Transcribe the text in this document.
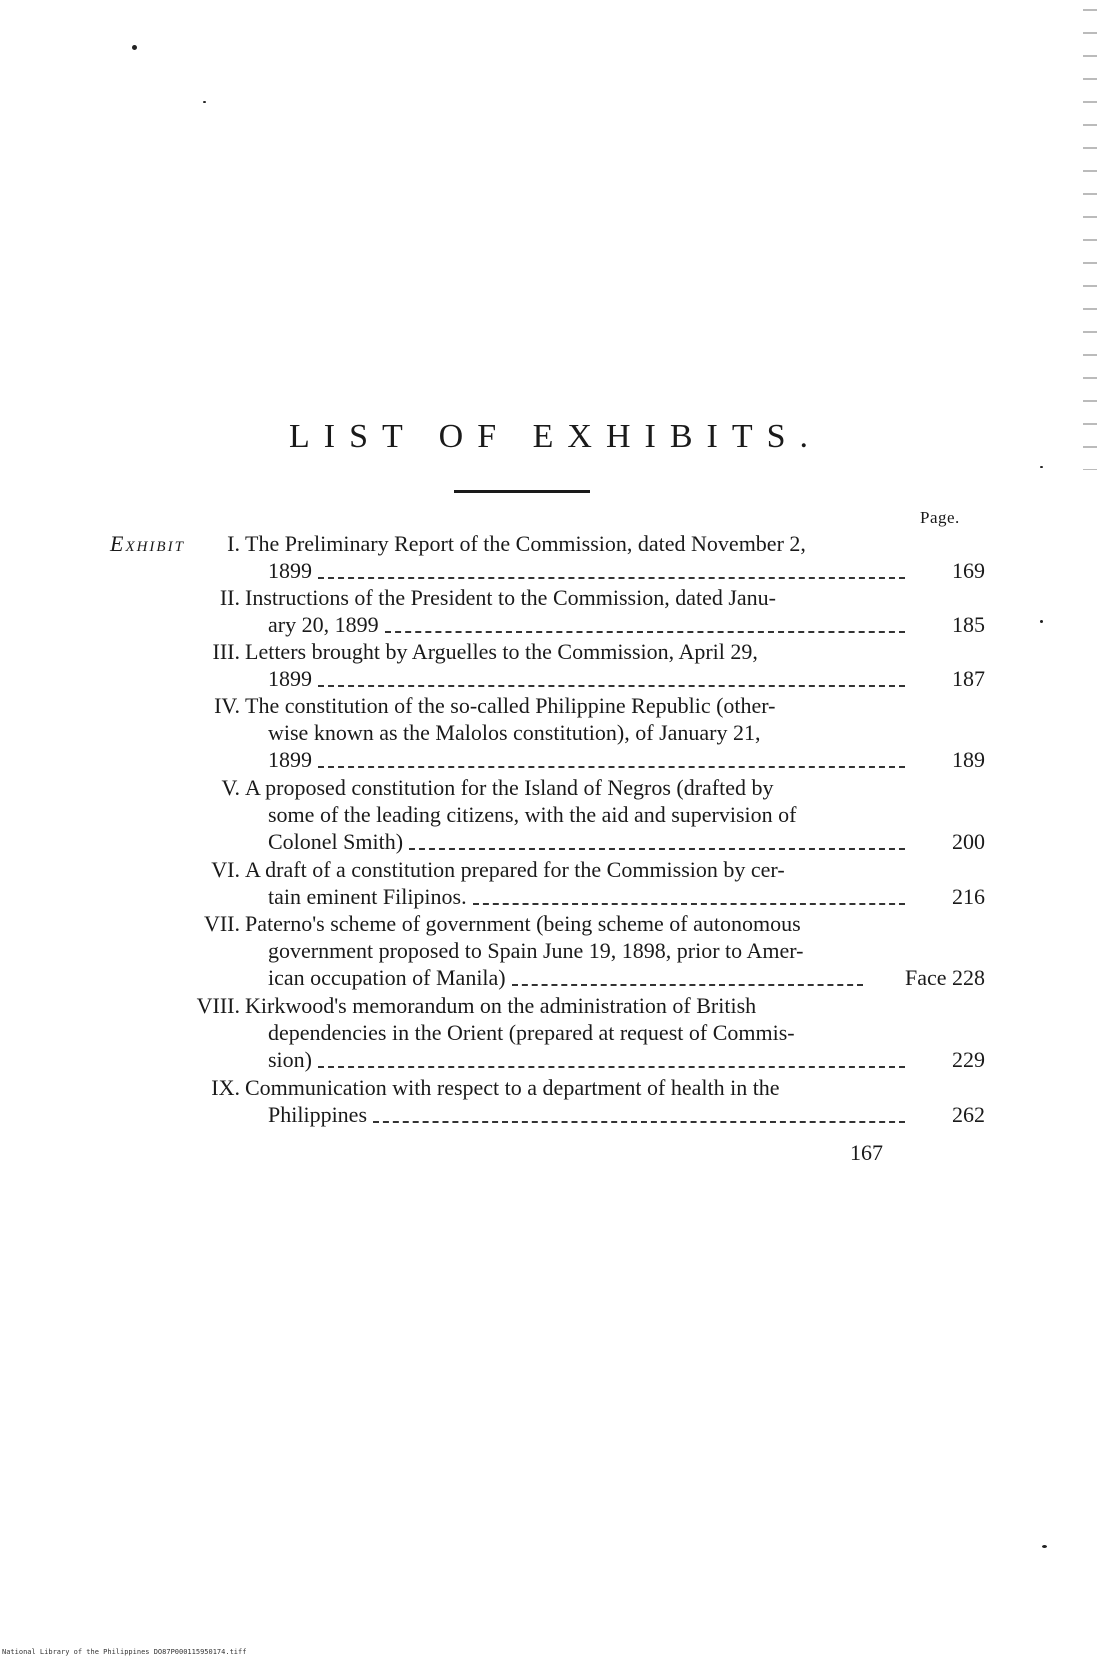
LIST OF EXHIBITS.
Page.
Exhibit	I. The Preliminary Report of the Commission, dated November 2,
1899	169
II. Instructions of the President to the Commission, dated Janu-
ary 20, 1899	185
III. Letters brought by Arguelles to the Commission, April 29,
1899	187
IV. The constitution of the so-called Philippine Republic (other-
wise known as the Malolos constitution), of January 21,
1899	189
V. A proposed constitution for the Island of Negros (drafted by
some of the leading citizens, with the aid and supervision of
Colonel Smith)	200
VI. A draft of a constitution prepared for the Commission by cer-
tain eminent Filipinos.	216
VII. Paterno's scheme of government (being scheme of autonomous
government proposed to Spain June 19, 1898, prior to Amer-
ican occupation of Manila)	Face 228
VIII. Kirkwood's memorandum on the administration of British
dependencies in the Orient (prepared at request of Commis-
sion)	229
IX. Communication with respect to a department of health in the
Philippines	262
167
National Library of the Philippines DO87P000115950174.tiff
